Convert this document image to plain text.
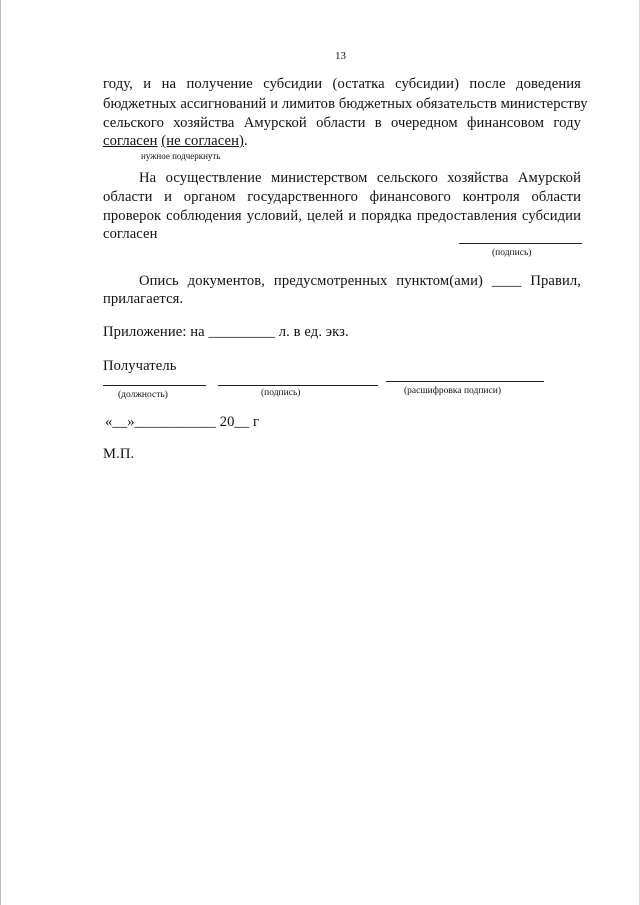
13
году, и на получение субсидии (остатка субсидии) после доведения
бюджетных ассигнований и лимитов бюджетных обязательств министерству
сельского хозяйства Амурской области в очередном финансовом году
согласен (не согласен).
нужное подчеркнуть
На осуществление министерством сельского хозяйства Амурской
области и органом государственного финансового контроля области
проверок соблюдения условий, целей и порядка предоставления субсидии
согласен
(подпись)
Опись документов, предусмотренных пунктом(ами) ____ Правил,
прилагается.
Приложение: на _________ л. в ед. экз.
Получатель
(должность)	(подпись)	(расшифровка подписи)
«__»___________ 20__ г
М.П.
